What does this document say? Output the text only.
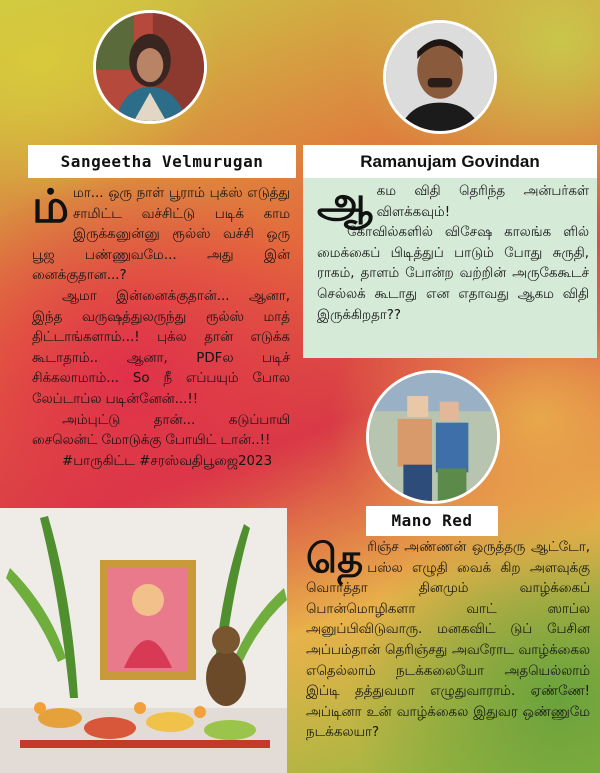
Sangeetha Velmurugan	Ramanujam Govindan
ம் மா... ஒரு நாள் பூராம் புக்ஸ் எடுத்து சாமிட்ட வச்சிட்டு படிக் காம இருக்கனுன்னு ரூல்ஸ் வச்சி ஒரு பூஜ பண்ணுவமே... அது இன் னைக்குதான...?

ஆமா இன்னைக்குதான்... ஆனா, இந்த வருஷத்துலருந்து ரூல்ஸ் மாத் திட்டாங்களாம்...! புக்ல தான் எடுக்க கூடாதாம்.. ஆனா, PDFல படிச் சிக்கலாமாம்... So நீ எப்பயும் போல லேப்டாப்ல படின்னேன்...!!

அம்புட்டு தான்... கடுப்பாயி சைலென்ட் மோடுக்கு போயிட் டான்..!!

#பாருகிட்ட #சரஸ்வதிபூஜை2023

ஆ கம விதி தெரிந்த அன்பர்கள் விளக்கவும்!

கோவில்களில் விசேஷ காலங்க ளில் மைக்கைப் பிடித்துப் பாடும் போது சுருதி, ராகம், தாளம் போன்ற வற்றின் அருகேகூடச் செல்லக் கூடாது என எதாவது ஆகம விதி இருக்கிறதா??

Mano Red
தெ ரிஞ்ச அண்ணன் ஒருத்தரு ஆட்டோ, பஸ்ல எழுதி வைக் கிற அளவுக்கு வொர்த்தா தினமும் வாழ்க்கைப் பொன்மொழிகளா வாட் ஸாப்ல அனுப்பிவிடுவாரு. மனகவிட் டுப் பேசின அப்பம்தான் தெரிஞ்சது அவரோட வாழ்க்கைல எதெல்லாம் நடக்கலையோ அதயெல்லாம் இப்டி தத்துவமா எழுதுவாராம். ஏண்ணே! அப்டினா உன் வாழ்க்கைல இதுவர ஒண்ணுமே நடக்கலயா?
